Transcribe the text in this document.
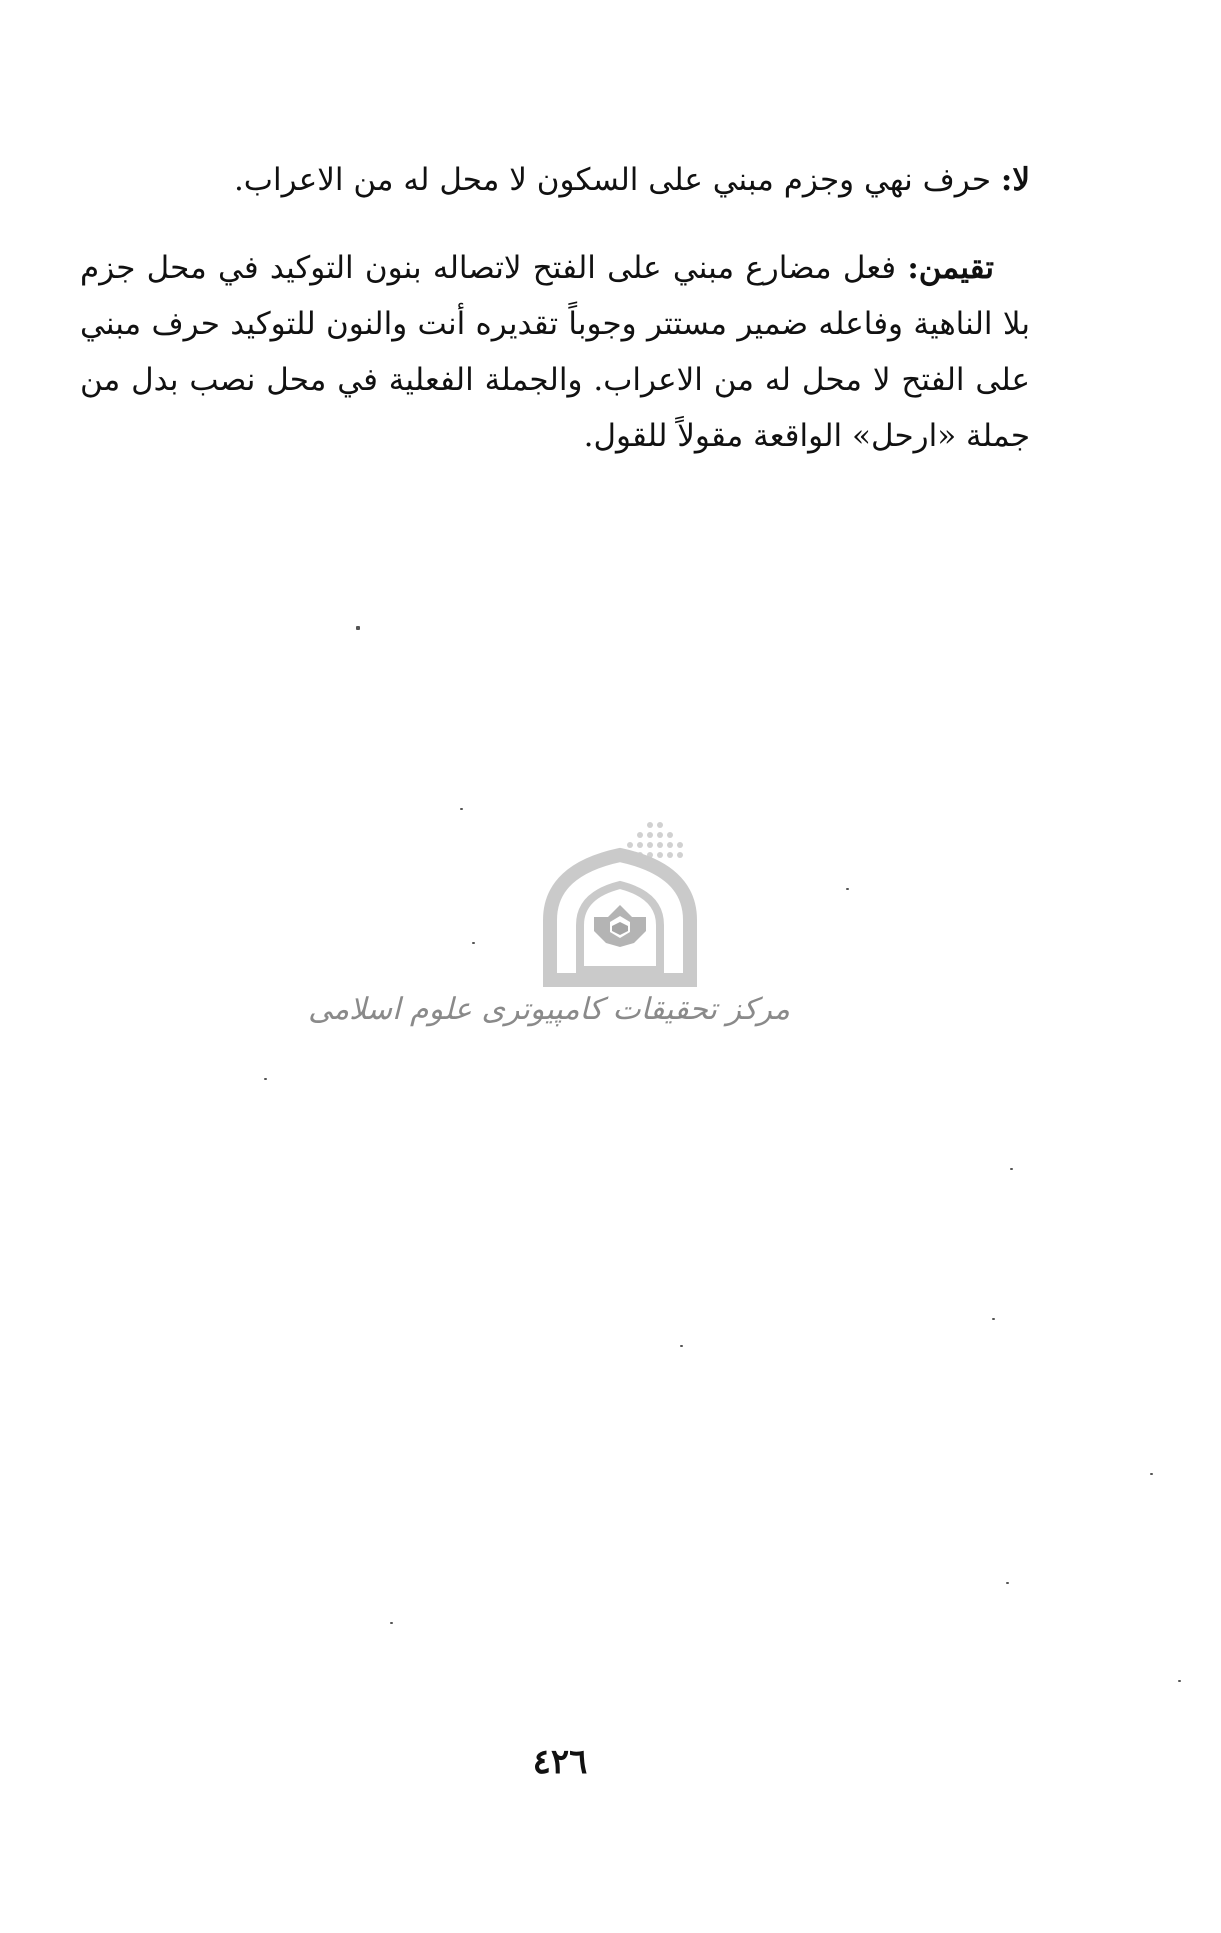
لا: حرف نهي وجزم مبني على السكون لا محل له من الاعراب.

تقيمن: فعل مضارع مبني على الفتح لاتصاله بنون التوكيد في محل جزم بلا الناهية وفاعله ضمير مستتر وجوباً تقديره أنت والنون للتوكيد حرف مبني على الفتح لا محل له من الاعراب. والجملة الفعلية في محل نصب بدل من جملة «ارحل» الواقعة مقولاً للقول.

مرکز تحقیقات کامپیوتری علوم اسلامی
٤٢٦
